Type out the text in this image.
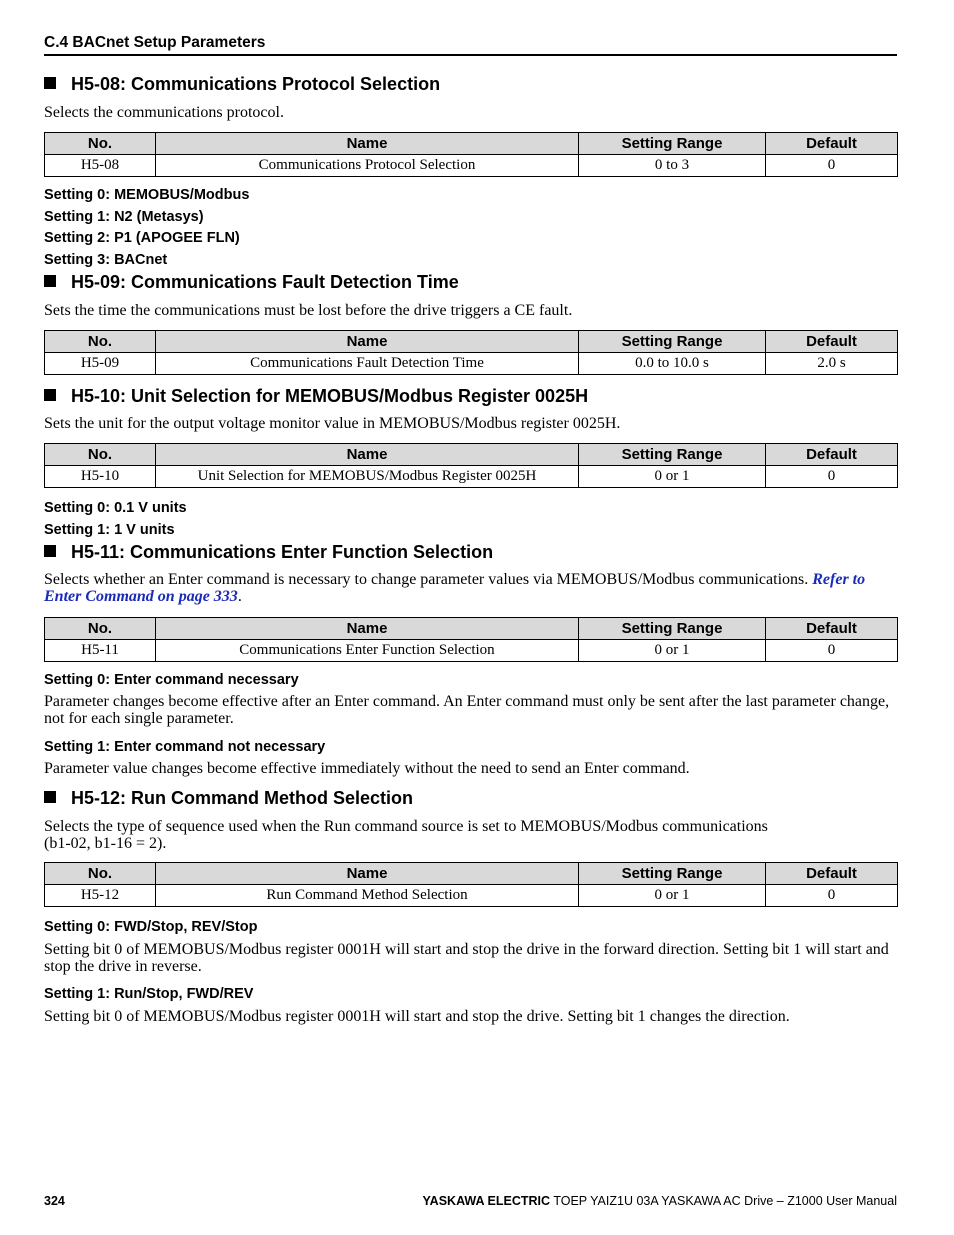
C.4 BACnet Setup Parameters
H5-08: Communications Protocol Selection
Selects the communications protocol.
No.	Name	Setting Range	Default
H5-08	Communications Protocol Selection	0 to 3	0
Setting 0: MEMOBUS/Modbus
Setting 1: N2 (Metasys)
Setting 2: P1 (APOGEE FLN)
Setting 3: BACnet
H5-09: Communications Fault Detection Time
Sets the time the communications must be lost before the drive triggers a CE fault.
No.	Name	Setting Range	Default
H5-09	Communications Fault Detection Time	0.0 to 10.0 s	2.0 s
H5-10: Unit Selection for MEMOBUS/Modbus Register 0025H
Sets the unit for the output voltage monitor value in MEMOBUS/Modbus register 0025H.
No.	Name	Setting Range	Default
H5-10	Unit Selection for MEMOBUS/Modbus Register 0025H	0 or 1	0
Setting 0: 0.1 V units
Setting 1: 1 V units
H5-11: Communications Enter Function Selection
Selects whether an Enter command is necessary to change parameter values via MEMOBUS/Modbus communications. Refer to Enter Command on page 333.
No.	Name	Setting Range	Default
H5-11	Communications Enter Function Selection	0 or 1	0
Setting 0: Enter command necessary
Parameter changes become effective after an Enter command. An Enter command must only be sent after the last parameter change, not for each single parameter.
Setting 1: Enter command not necessary
Parameter value changes become effective immediately without the need to send an Enter command.
H5-12: Run Command Method Selection
Selects the type of sequence used when the Run command source is set to MEMOBUS/Modbus communications
(b1-02, b1-16 = 2).
No.	Name	Setting Range	Default
H5-12	Run Command Method Selection	0 or 1	0
Setting 0: FWD/Stop, REV/Stop
Setting bit 0 of MEMOBUS/Modbus register 0001H will start and stop the drive in the forward direction. Setting bit 1 will start and stop the drive in reverse.
Setting 1: Run/Stop, FWD/REV
Setting bit 0 of MEMOBUS/Modbus register 0001H will start and stop the drive. Setting bit 1 changes the direction.
324	YASKAWA ELECTRIC TOEP YAIZ1U 03A YASKAWA AC Drive – Z1000 User Manual
